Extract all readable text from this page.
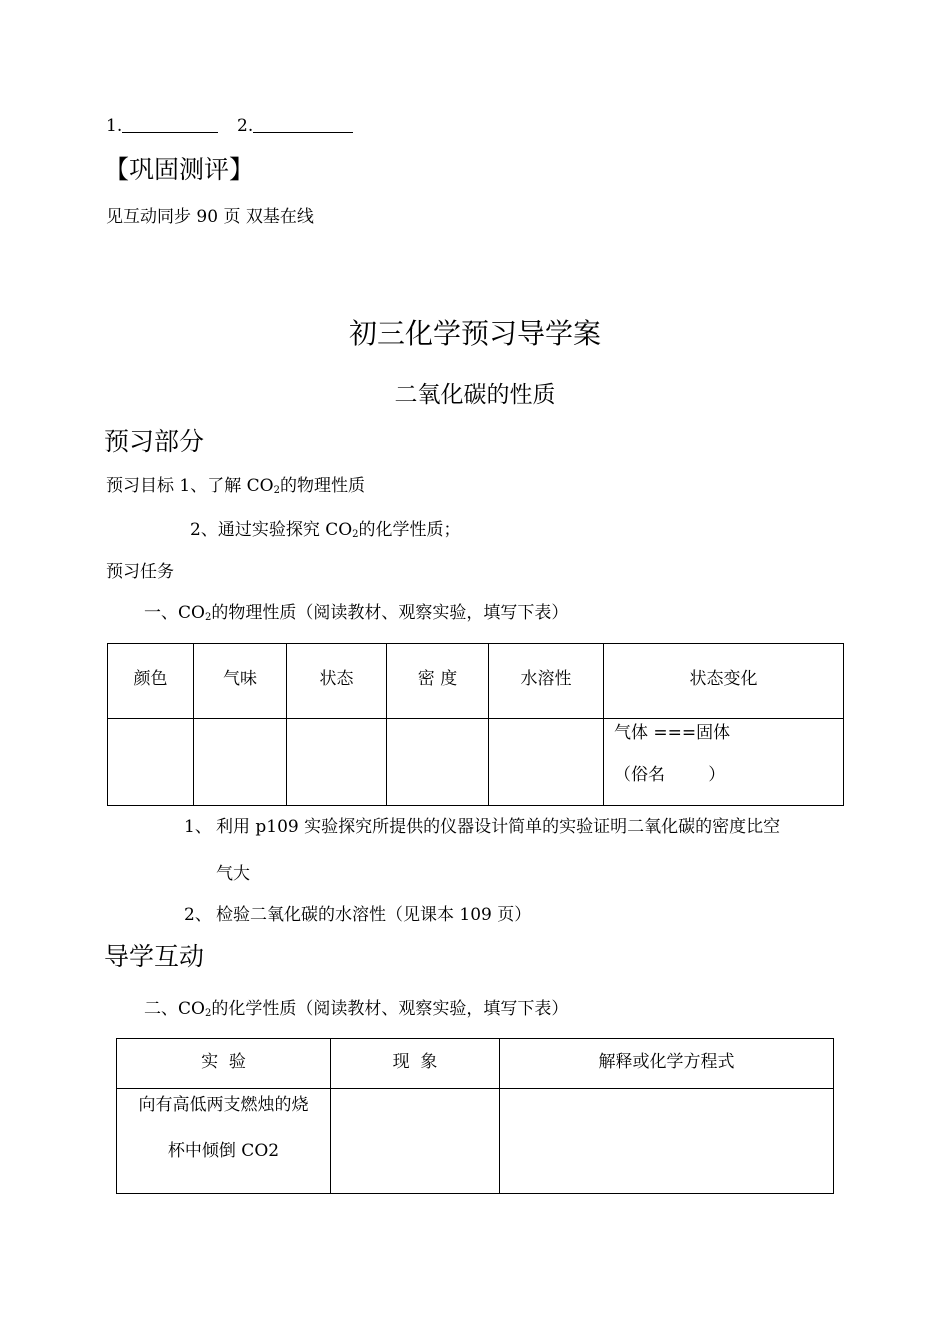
1.	2.
【巩固测评】
见互动同步 90 页 双基在线
初三化学预习导学案
二氧化碳的性质
预习部分
预习目标 1、了解 $CO_2$的物理性质
2、通过实验探究 $CO_2$的化学性质；
预习任务
一、$CO_2$的物理性质（阅读教材、观察实验，填写下表）
颜色	气味	状态	密 度	水溶性	状态变化

					气体 ===固体
（俗名        ）
1、 利用 p109 实验探究所提供的仪器设计简单的实验证明二氧化碳的密度比空
气大
2、 检验二氧化碳的水溶性（见课本 109 页）
导学互动
二、$CO_2$的化学性质（阅读教材、观察实验，填写下表）
实  验	现  象	解释或化学方程式

向有高低两支燃烛的烧
杯中倾倒 CO2		
